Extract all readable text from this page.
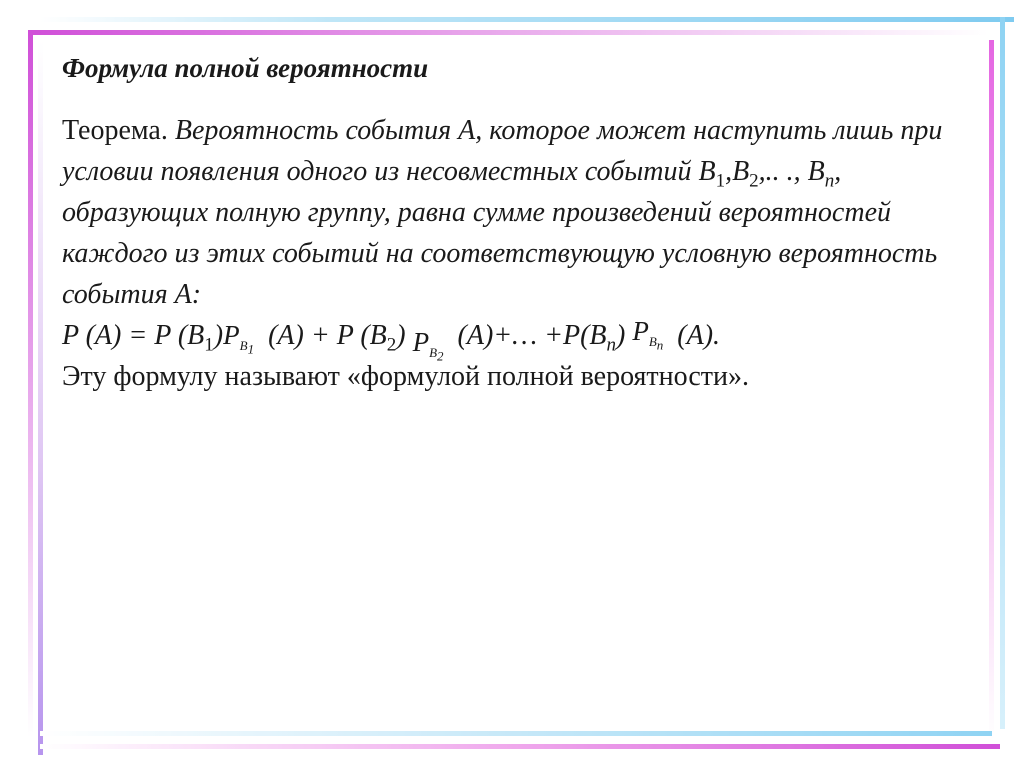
Формула полной вероятности

Теорема. Вероятность события А, которое может наступить лишь при условии появления одного из несовместных событий $B_1,B_2$,.. ., $B_n$, образующих полную группу, равна сумме произведений вероятностей каждого из этих событий на соответствующую условную вероятность события А:
P (A) = P $(B_1)P_{B_1}$ (A) + P $(B_2)$ $P_{B_2}$  (A)+… $+P(B_n)$ $P_{B_n}$ (A).
Эту формулу называют «формулой полной вероятности».
